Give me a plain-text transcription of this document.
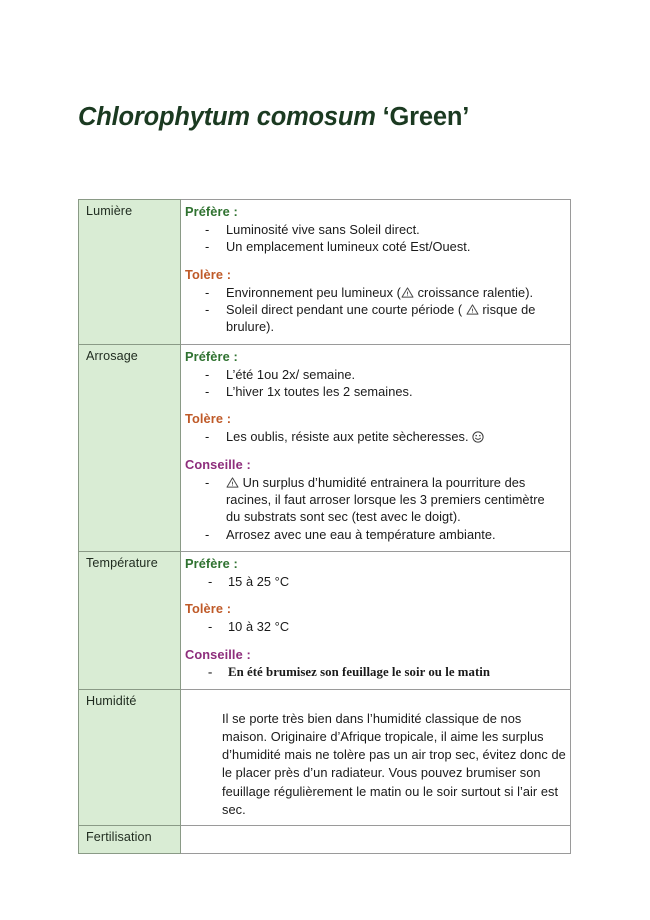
Chlorophytum comosum ‘Green’
Lumière	Préfère :
- Luminosité vive sans Soleil direct.
- Un emplacement lumineux coté Est/Ouest.
Tolère :
- Environnement peu lumineux (
croissance ralentie).
- Soleil direct pendant une courte période (
risque de brulure).

Arrosage	Préfère :
- L’été 1ou 2x/ semaine.
- L’hiver 1x toutes les 2 semaines.
Tolère :
- Les oublis, résiste aux petite sècheresses.
Conseille :
- Un surplus d’humidité entrainera la pourriture des racines, il faut arroser lorsque les 3 premiers centimètre du substrats sont sec (test avec le doigt).
- Arrosez avec une eau à température ambiante.

Température	Préfère :
- 15 à 25 °C
Tolère :
- 10 à 32 °C
Conseille :
- En été brumisez son feuillage le soir ou le matin

Humidité	Il se porte très bien dans l’humidité classique de nos maison. Originaire d’Afrique tropicale, il aime les surplus d’humidité mais ne tolère pas un air trop sec, évitez donc de le placer près d’un radiateur. Vous pouvez brumiser son feuillage régulièrement le matin ou le soir surtout si l’air est sec.

Fertilisation	
